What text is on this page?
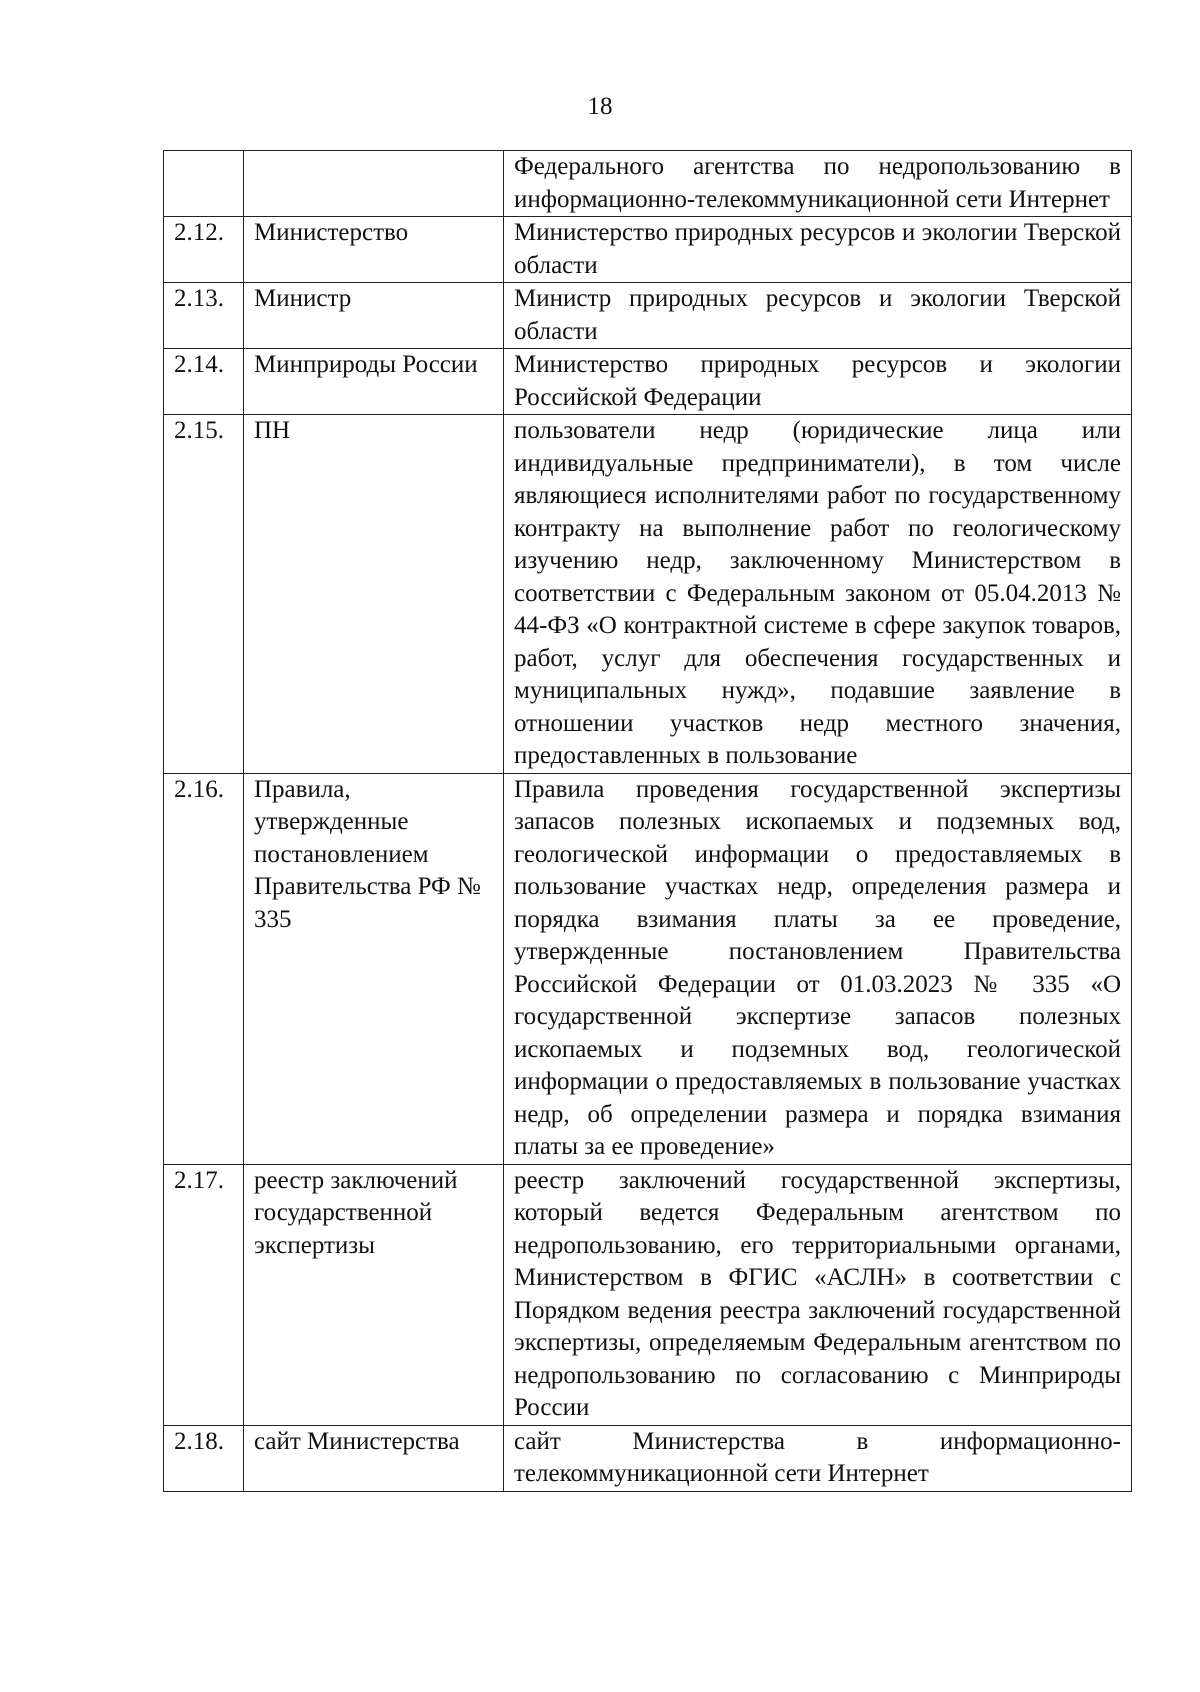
18
		Федерального агентства по недропользованию в информационно-телекоммуникационной сети Интернет
2.12.	Министерство	Министерство природных ресурсов и экологии Тверской области
2.13.	Министр	Министр природных ресурсов и экологии Тверской области
2.14.	Минприроды России	Министерство природных ресурсов и экологии Российской Федерации
2.15.	ПН	пользователи недр (юридические лица или индивидуальные предприниматели), в том числе являющиеся исполнителями работ по государственному контракту на выполнение работ по геологическому изучению недр, заключенному Министерством в соответствии с Федеральным законом от 05.04.2013 № 44-ФЗ «О контрактной системе в сфере закупок товаров, работ, услуг для обеспечения государственных и муниципальных нужд», подавшие заявление в отношении участков недр местного значения, предоставленных в пользование
2.16.	Правила, утвержденные постановлением Правительства РФ № 335	Правила проведения государственной экспертизы запасов полезных ископаемых и подземных вод, геологической информации о предоставляемых в пользование участках недр, определения размера и порядка взимания платы за ее проведение, утвержденные постановлением Правительства Российской Федерации от 01.03.2023 № 335 «О государственной экспертизе запасов полезных ископаемых и подземных вод, геологической информации о предоставляемых в пользование участках недр, об определении размера и порядка взимания платы за ее проведение»
2.17.	реестр заключений государственной экспертизы	реестр заключений государственной экспертизы, который ведется Федеральным агентством по недропользованию, его территориальными органами, Министерством в ФГИС «АСЛН» в соответствии с Порядком ведения реестра заключений государственной экспертизы, определяемым Федеральным агентством по недропользованию по согласованию с Минприроды России
2.18.	сайт Министерства	сайт Министерства в информационно-телекоммуникационной сети Интернет
